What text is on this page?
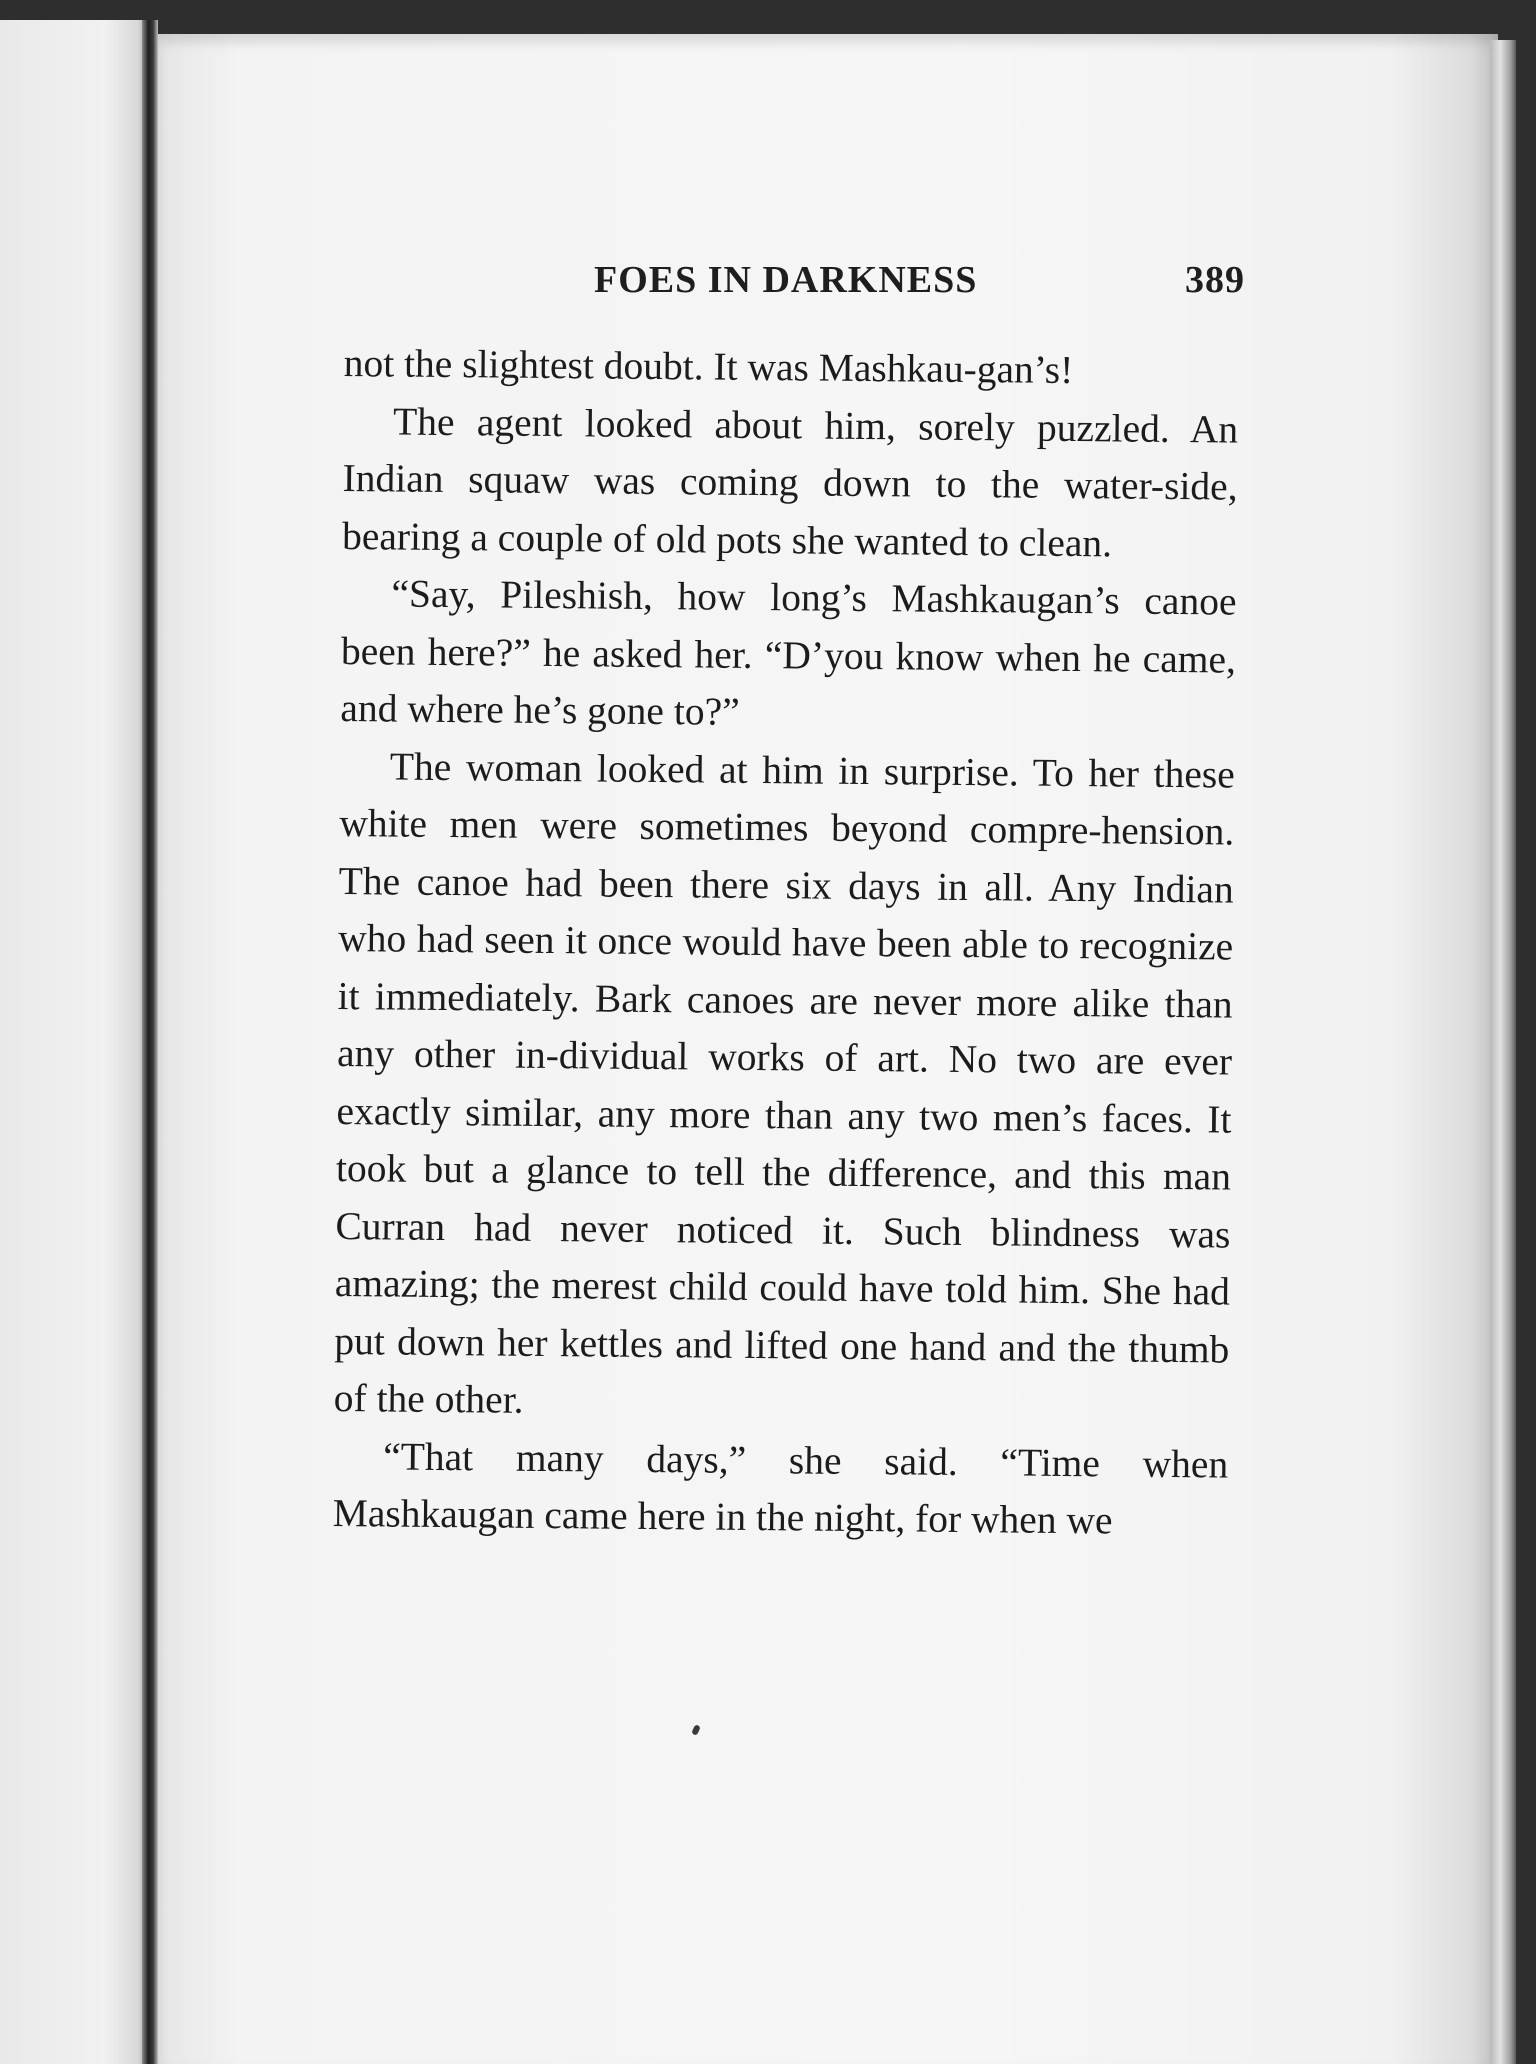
FOES IN DARKNESS	389

not the slightest doubt. It was Mashkau-gan’s!

The agent looked about him, sorely puzzled. An Indian squaw was coming down to the water-side, bearing a couple of old pots she wanted to clean.

“Say, Pileshish, how long’s Mashkaugan’s canoe been here?” he asked her. “D’you know when he came, and where he’s gone to?”

The woman looked at him in surprise. To her these white men were sometimes beyond compre-hension. The canoe had been there six days in all. Any Indian who had seen it once would have been able to recognize it immediately. Bark canoes are never more alike than any other in-dividual works of art. No two are ever exactly similar, any more than any two men’s faces. It took but a glance to tell the difference, and this man Curran had never noticed it. Such blindness was amazing; the merest child could have told him. She had put down her kettles and lifted one hand and the thumb of the other.

“That many days,” she said. “Time when Mashkaugan came here in the night, for when we
